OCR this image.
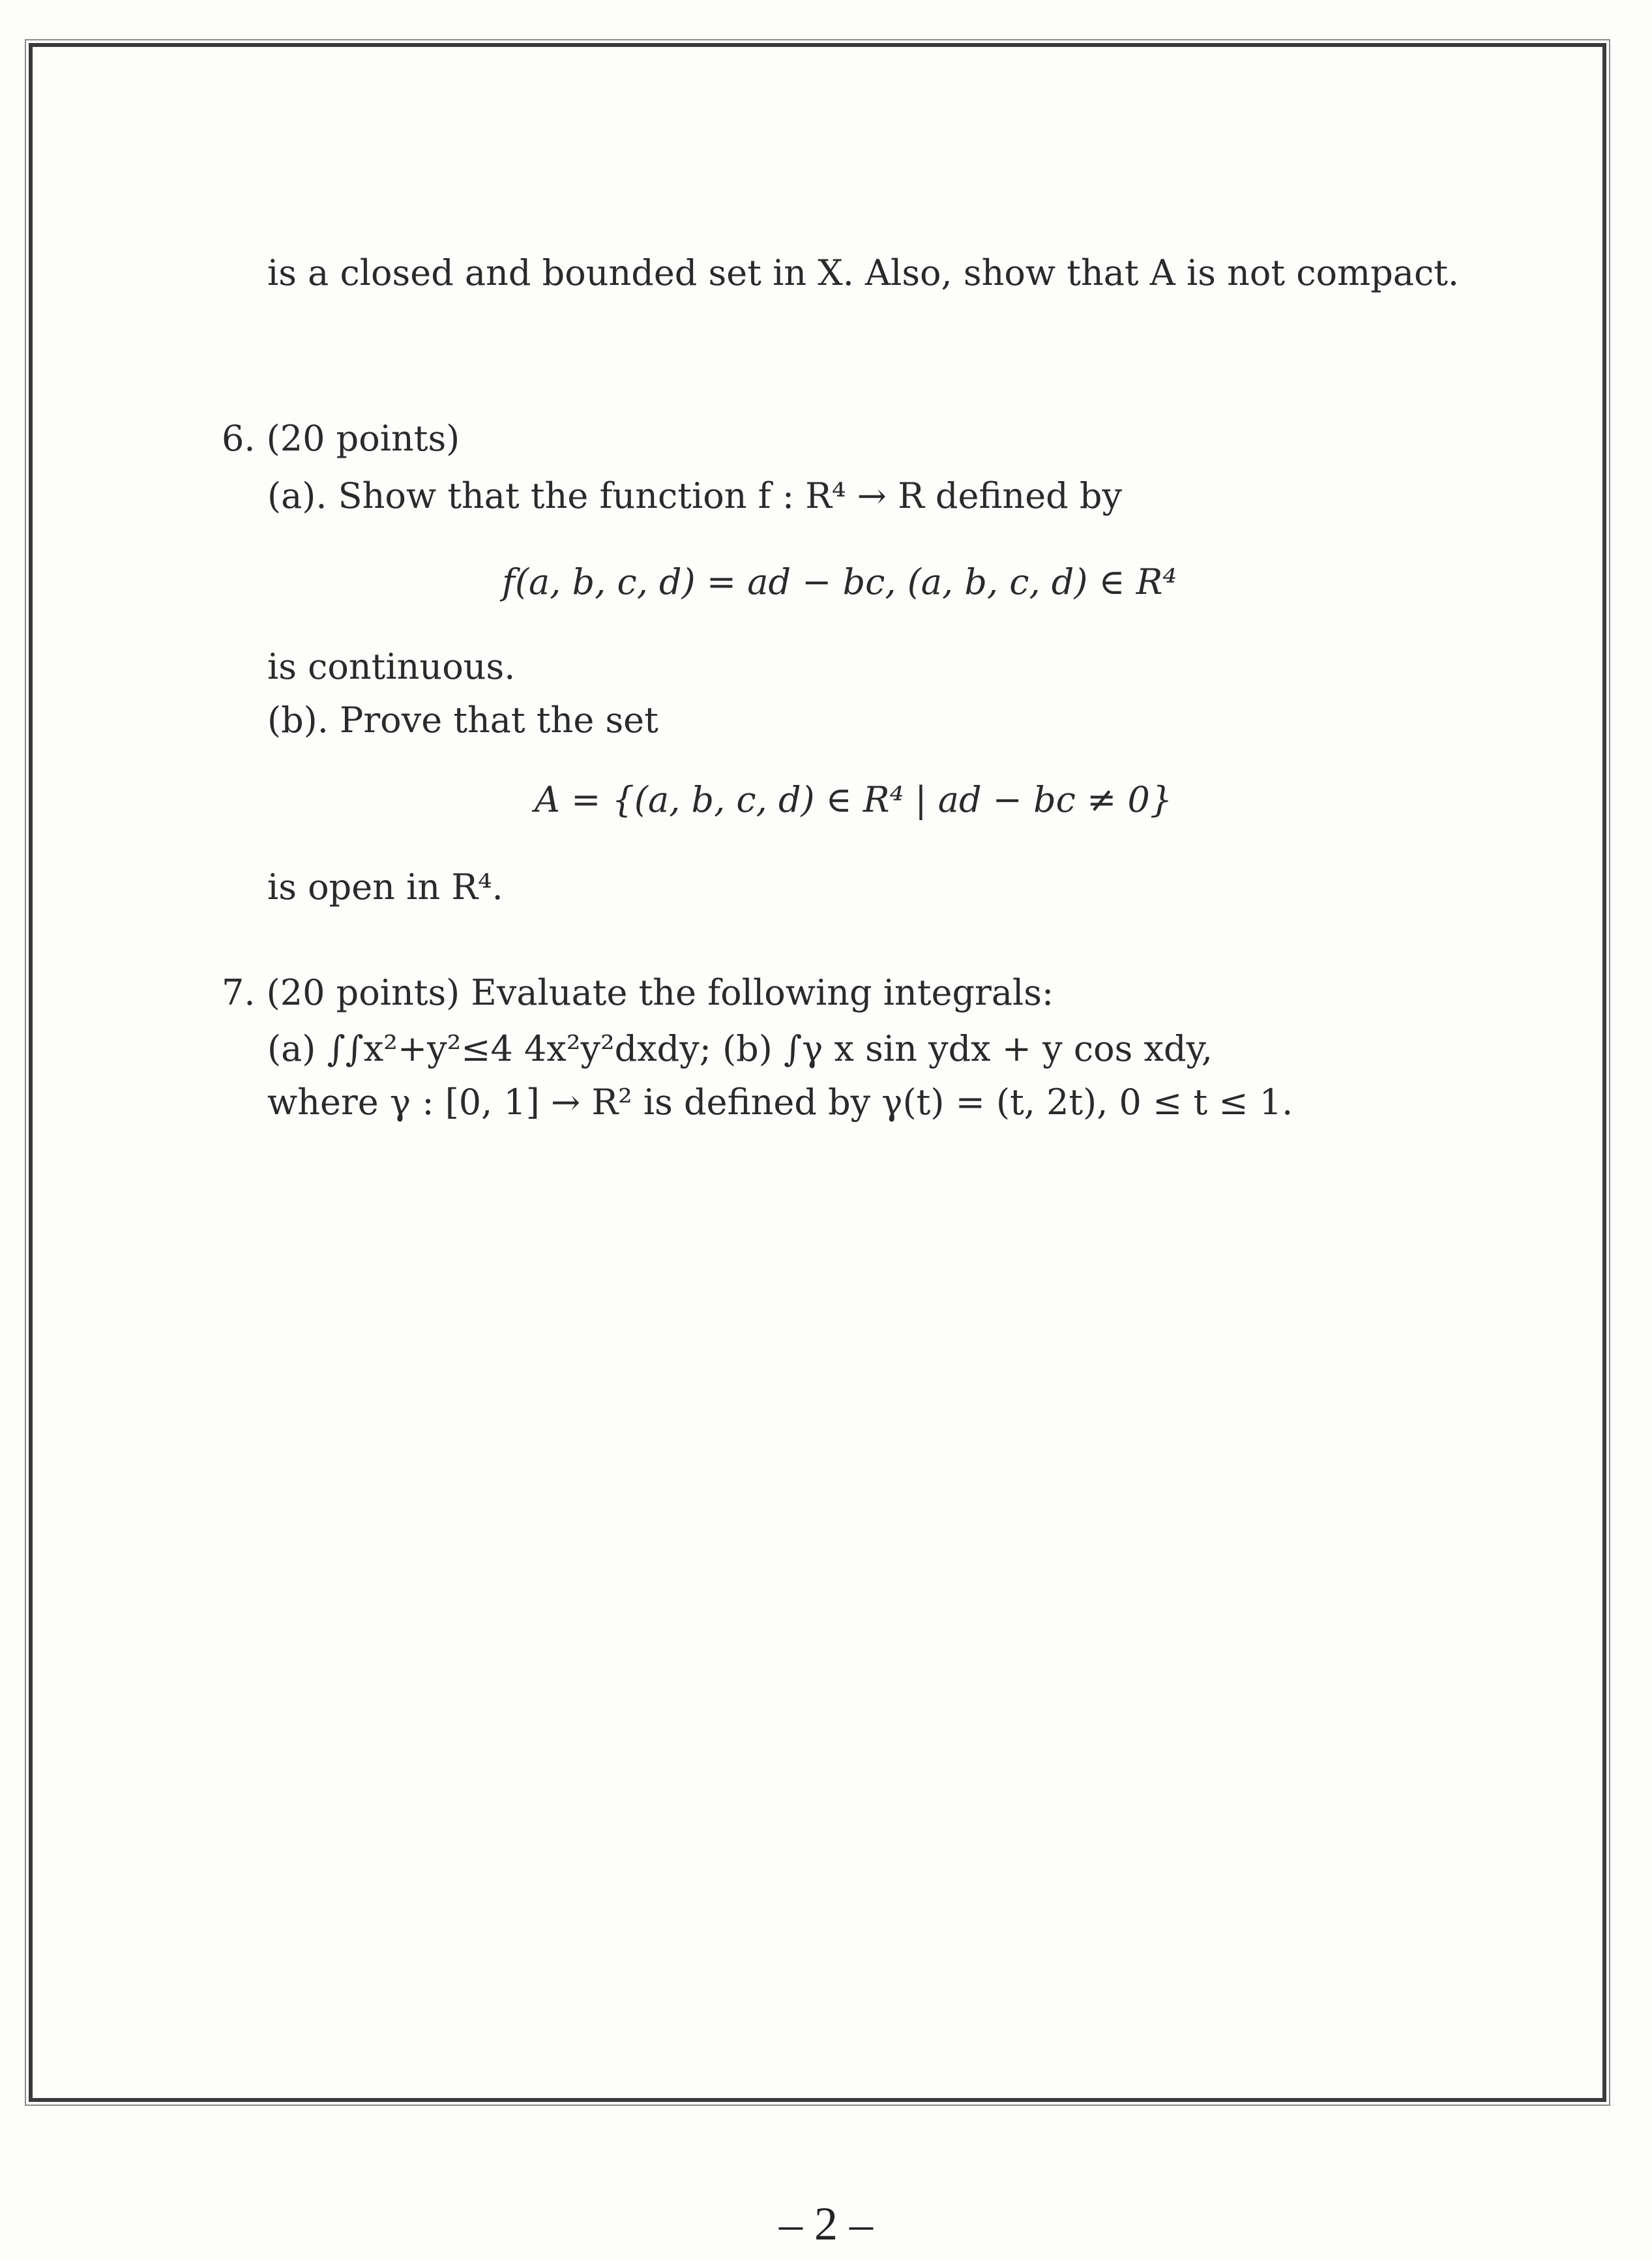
is a closed and bounded set in X. Also, show that A is not compact.
6. (20 points)
(a). Show that the function f : R⁴ → R defined by
f(a, b, c, d) = ad − bc, (a, b, c, d) ∈ R⁴
is continuous.
(b). Prove that the set
A = {(a, b, c, d) ∈ R⁴ | ad − bc ≠ 0}
is open in R⁴.
7. (20 points) Evaluate the following integrals:
(a) ∫∫x²+y²≤4 4x²y²dxdy; (b) ∫γ x sin ydx + y cos xdy,
where γ : [0, 1] → R² is defined by γ(t) = (t, 2t), 0 ≤ t ≤ 1.
– 2 –
